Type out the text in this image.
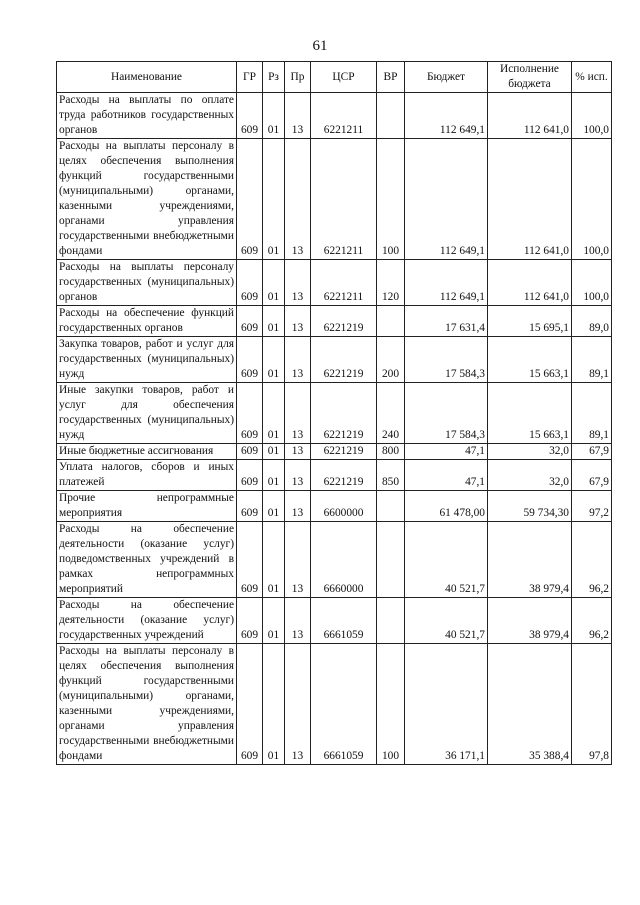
61
Наименование	ГР	Рз	Пр	ЦСР	ВР	Бюджет	Исполнение бюджета	% исп.
Расходы на выплаты по оплате труда работников государственных органов	609	01	13	6221211		112 649,1	112 641,0	100,0
Расходы на выплаты персоналу в целях обеспечения выполнения функций государственными (муниципальными) органами, казенными учреждениями, органами управления государственными внебюджетными фондами	609	01	13	6221211	100	112 649,1	112 641,0	100,0
Расходы на выплаты персоналу государственных (муниципальных) органов	609	01	13	6221211	120	112 649,1	112 641,0	100,0
Расходы на обеспечение функций государственных органов	609	01	13	6221219		17 631,4	15 695,1	89,0
Закупка товаров, работ и услуг для государственных (муниципальных) нужд	609	01	13	6221219	200	17 584,3	15 663,1	89,1
Иные закупки товаров, работ и услуг для обеспечения государственных (муниципальных) нужд	609	01	13	6221219	240	17 584,3	15 663,1	89,1
Иные бюджетные ассигнования	609	01	13	6221219	800	47,1	32,0	67,9
Уплата налогов, сборов и иных платежей	609	01	13	6221219	850	47,1	32,0	67,9
Прочие непрограммные мероприятия	609	01	13	6600000		61 478,00	59 734,30	97,2
Расходы на обеспечение деятельности (оказание услуг) подведомственных учреждений в рамках непрограммных мероприятий	609	01	13	6660000		40 521,7	38 979,4	96,2
Расходы на обеспечение деятельности (оказание услуг) государственных учреждений	609	01	13	6661059		40 521,7	38 979,4	96,2
Расходы на выплаты персоналу в целях обеспечения выполнения функций государственными (муниципальными) органами, казенными учреждениями, органами управления государственными внебюджетными фондами	609	01	13	6661059	100	36 171,1	35 388,4	97,8
